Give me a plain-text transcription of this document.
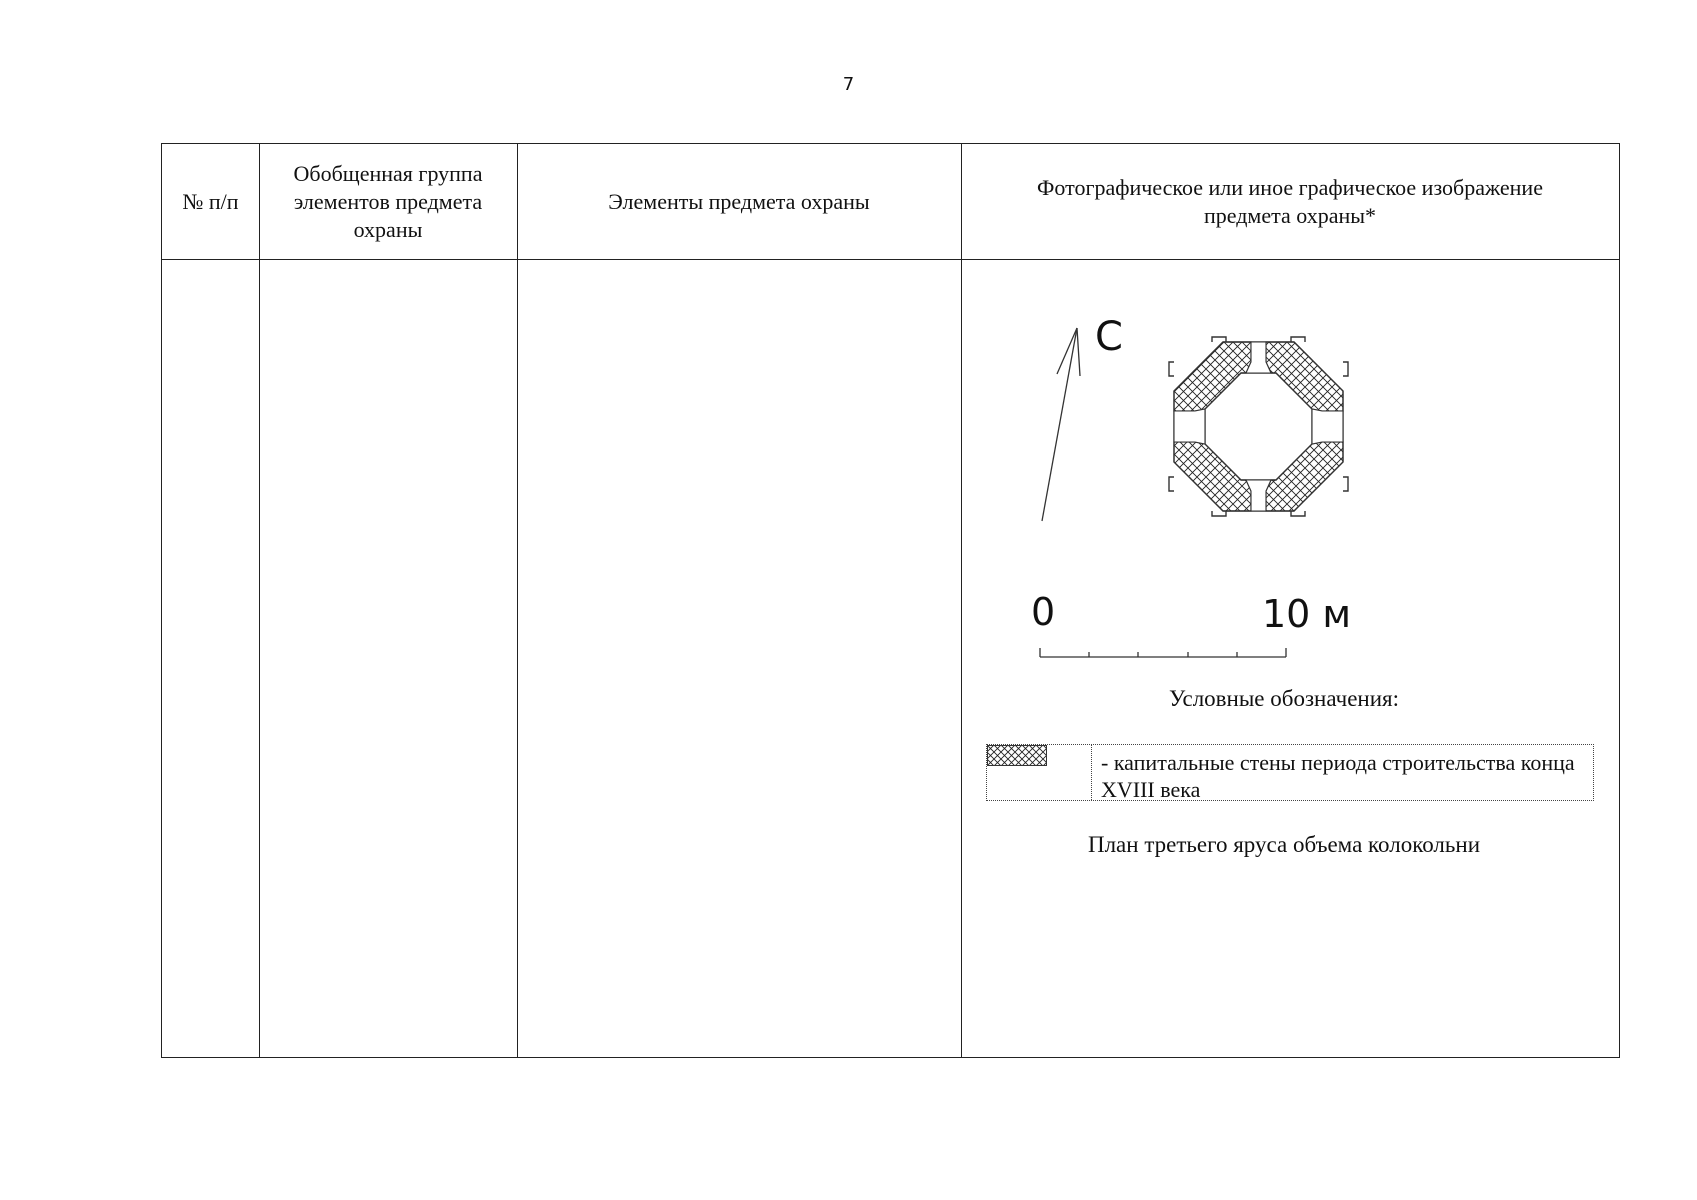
7
№ п/п
Обобщенная группа элементов предмета охраны
Элементы предмета охраны
Фотографическое или иное графическое изображение предмета охраны*
С
0	10 м
Условные обозначения:
- капитальные стены периода строительства конца XVIII века
План третьего яруса объема колокольни
